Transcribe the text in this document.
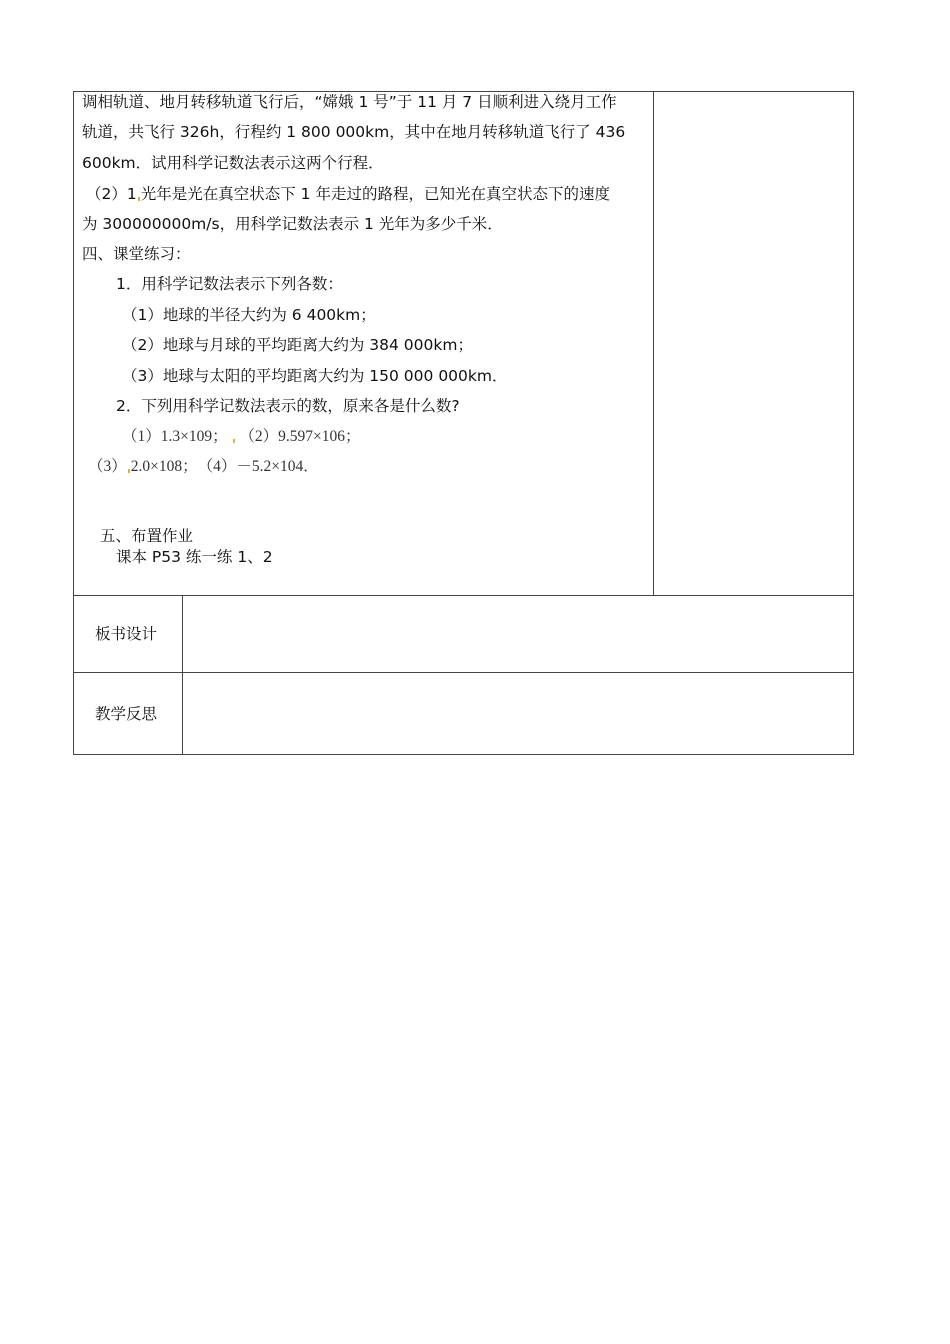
调相轨道、地月转移轨道飞行后，“嫦娥 1 号”于 11 月 7 日顺利进入绕月工作
轨道，共飞行 326h，行程约 1 800 000km，其中在地月转移轨道飞行了 436
600km．试用科学记数法表示这两个行程．
（2）1 光年是光在真空状态下 1 年走过的路程，已知光在真空状态下的速度
为 300000000m/s，用科学记数法表示 1 光年为多少千米．
四、课堂练习：
1．用科学记数法表示下列各数：
（1）地球的半径大约为 6 400km；
（2）地球与月球的平均距离大约为 384 000km；
（3）地球与太阳的平均距离大约为 150 000 000km．
2．下列用科学记数法表示的数，原来各是什么数?
（1）1.3×109； （2）9.597×106；
（3） 2.0×108；　（4）－5.2×104．
五、布置作业
课本 P53 练一练 1、2
板书设计
教学反思
